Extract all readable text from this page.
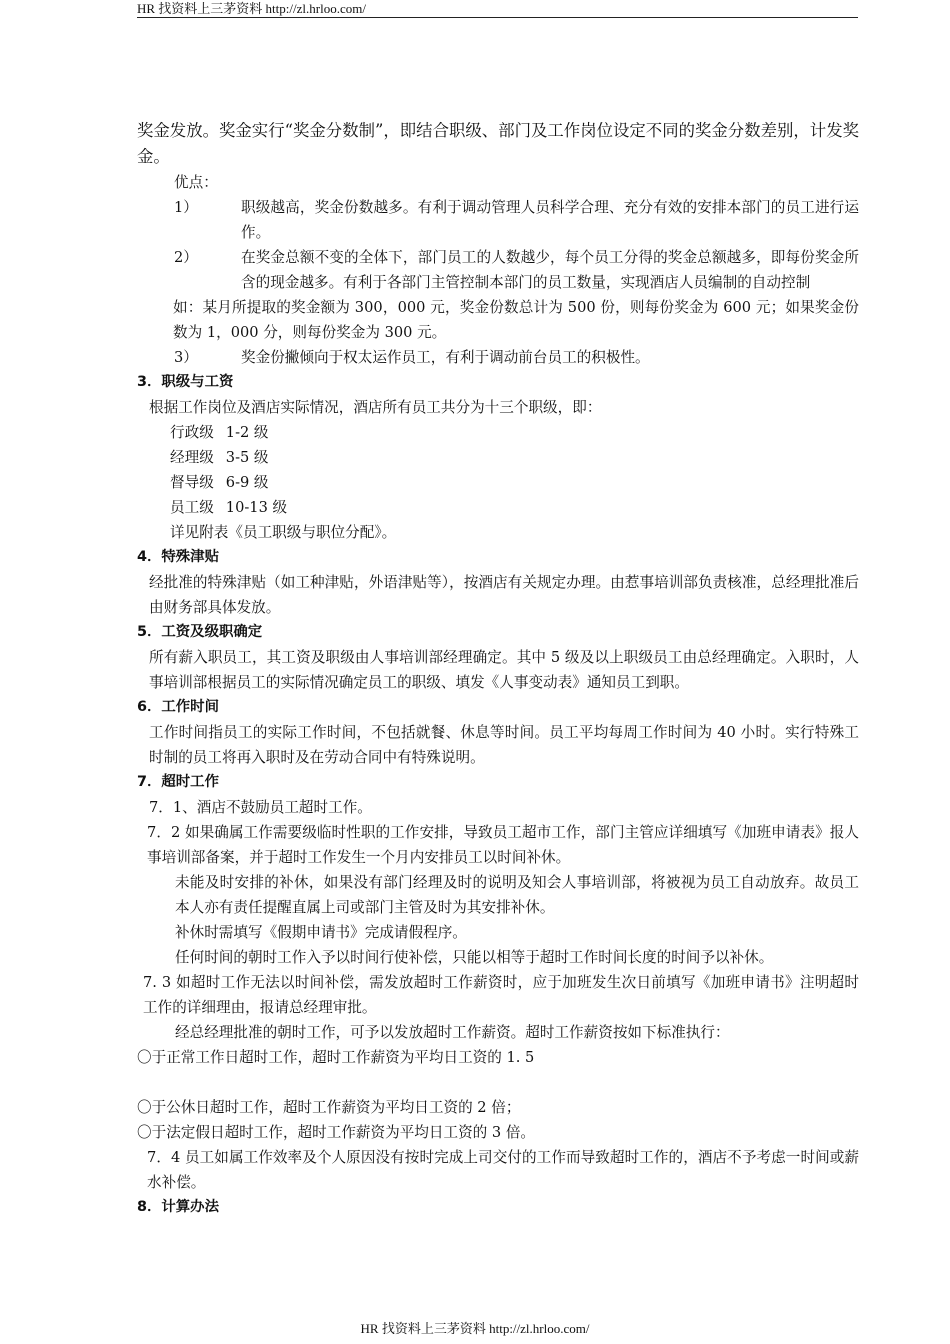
HR 找资料上三茅资料 http://zl.hrloo.com/

奖金发放。奖金实行“奖金分数制”，即结合职级、部门及工作岗位设定不同的奖金分数差别，计发奖金。

优点：

1）	职级越高，奖金份数越多。有利于调动管理人员科学合理、充分有效的安排本部门的员工进行运作。
2）	在奖金总额不变的全体下，部门员工的人数越少，每个员工分得的奖金总额越多，即每份奖金所含的现金越多。有利于各部门主管控制本部门的员工数量，实现酒店人员编制的自动控制

如：某月所提取的奖金额为 300，000 元，奖金份数总计为 500 份，则每份奖金为 600 元；如果奖金份数为 1，000 分，则每份奖金为 300 元。

3）	奖金份撇倾向于权太运作员工，有利于调动前台员工的积极性。

3．职级与工资

根据工作岗位及酒店实际情况，酒店所有员工共分为十三个职级，即：

行政级 1-2 级
经理级 3-5 级
督导级 6-9 级
员工级 10-13 级

详见附表《员工职级与职位分配》。

4．特殊津贴

经批准的特殊津贴（如工种津贴，外语津贴等），按酒店有关规定办理。由惹事培训部负责核准，总经理批准后由财务部具体发放。

5．工资及级职确定

所有薪入职员工，其工资及职级由人事培训部经理确定。其中 5 级及以上职级员工由总经理确定。入职时，人事培训部根据员工的实际情况确定员工的职级、填发《人事变动表》通知员工到职。

6．工作时间

工作时间指员工的实际工作时间，不包括就餐、休息等时间。员工平均每周工作时间为 40 小时。实行特殊工时制的员工将再入职时及在劳动合同中有特殊说明。

7．超时工作

7．1、酒店不鼓励员工超时工作。

7．2 如果确属工作需要级临时性职的工作安排，导致员工超市工作，部门主管应详细填写《加班申请表》报人事培训部备案，并于超时工作发生一个月内安排员工以时间补休。

未能及时安排的补休，如果没有部门经理及时的说明及知会人事培训部，将被视为员工自动放弃。故员工本人亦有责任提醒直属上司或部门主管及时为其安排补休。

补休时需填写《假期申请书》完成请假程序。

任何时间的朝时工作入予以时间行使补偿，只能以相等于超时工作时间长度的时间予以补休。

7. 3 如超时工作无法以时间补偿，需发放超时工作薪资时，应于加班发生次日前填写《加班申请书》注明超时工作的详细理由，报请总经理审批。

经总经理批准的朝时工作，可予以发放超时工作薪资。超时工作薪资按如下标准执行：

〇于正常工作日超时工作，超时工作薪资为平均日工资的 1. 5

〇于公休日超时工作，超时工作薪资为平均日工资的 2 倍；

〇于法定假日超时工作，超时工作薪资为平均日工资的 3 倍。

7．4 员工如属工作效率及个人原因没有按时完成上司交付的工作而导致超时工作的，酒店不予考虑一时间或薪水补偿。

8．计算办法

HR 找资料上三茅资料 http://zl.hrloo.com/
